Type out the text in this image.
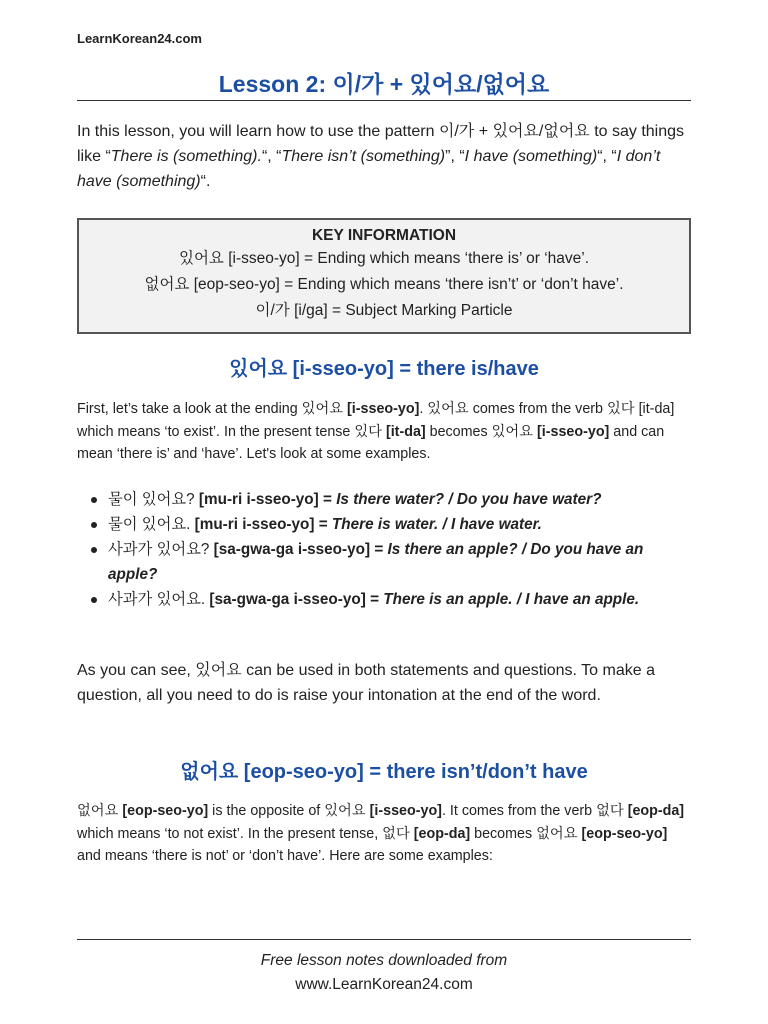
LearnKorean24.com
Lesson 2: 이/가 + 있어요/없어요

In this lesson, you will learn how to use the pattern 이/가 + 있어요/없어요 to say things like “There is (something).“, “There isn’t (something)”, “I have (something)“, “I don’t have (something)“.

KEY INFORMATION
있어요 [i-sseo-yo] = Ending which means ‘there is’ or ‘have’.
없어요 [eop-seo-yo] = Ending which means ‘there isn’t’ or ‘don’t have’.
이/가 [i/ga] = Subject Marking Particle
있어요 [i-sseo-yo] = there is/have

First, let’s take a look at the ending 있어요 [i-sseo-yo]. 있어요 comes from the verb 있다 [it-da] which means ‘to exist’. In the present tense 있다 [it-da] becomes 있어요 [i-sseo-yo] and can mean ‘there is’ and ‘have’. Let's look at some examples.

물이 있어요? [mu-ri i-sseo-yo] = Is there water? / Do you have water?
물이 있어요. [mu-ri i-sseo-yo] = There is water. / I have water.
사과가 있어요? [sa-gwa-ga i-sseo-yo] = Is there an apple? / Do you have an apple?
사과가 있어요. [sa-gwa-ga i-sseo-yo] = There is an apple. / I have an apple.

As you can see, 있어요 can be used in both statements and questions. To make a question, all you need to do is raise your intonation at the end of the word.

없어요 [eop-seo-yo] = there isn’t/don’t have

없어요 [eop-seo-yo] is the opposite of 있어요 [i-sseo-yo]. It comes from the verb 없다 [eop-da] which means ‘to not exist’. In the present tense, 없다 [eop-da] becomes 없어요 [eop-seo-yo] and means ‘there is not’ or ‘don’t have’. Here are some examples:

Free lesson notes downloaded from
www.LearnKorean24.com
